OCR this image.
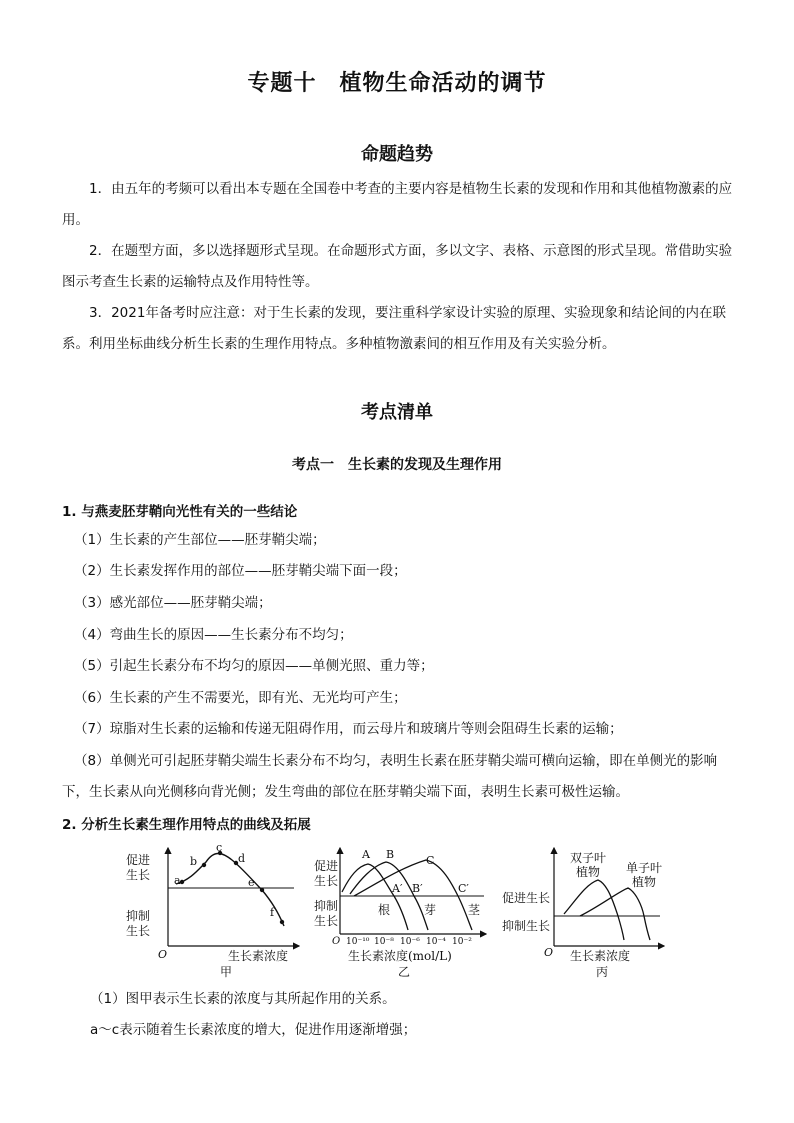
专题十　植物生命活动的调节
命题趋势
1．由五年的考频可以看出本专题在全国卷中考查的主要内容是植物生长素的发现和作用和其他植物激素的应用。
2．在题型方面，多以选择题形式呈现。在命题形式方面，多以文字、表格、示意图的形式呈现。常借助实验图示考查生长素的运输特点及作用特性等。
3．2021年备考时应注意：对于生长素的发现，要注重科学家设计实验的原理、实验现象和结论间的内在联系。利用坐标曲线分析生长素的生理作用特点。多种植物激素间的相互作用及有关实验分析。
考点清单
考点一　生长素的发现及生理作用
1. 与燕麦胚芽鞘向光性有关的一些结论
（1）生长素的产生部位——胚芽鞘尖端；
（2）生长素发挥作用的部位——胚芽鞘尖端下面一段；
（3）感光部位——胚芽鞘尖端；
（4）弯曲生长的原因——生长素分布不均匀；
（5）引起生长素分布不均匀的原因——单侧光照、重力等；
（6）生长素的产生不需要光，即有光、无光均可产生；
（7）琼脂对生长素的运输和传递无阻碍作用，而云母片和玻璃片等则会阻碍生长素的运输；
（8）单侧光可引起胚芽鞘尖端生长素分布不均匀，表明生长素在胚芽鞘尖端可横向运输，即在单侧光的影响下，生长素从向光侧移向背光侧；发生弯曲的部位在胚芽鞘尖端下面，表明生长素可极性运输。
2. 分析生长素生理作用特点的曲线及拓展
a
b
c
d
e
f
促进
生长
抑制
生长
O	生长素浓度
甲
A B	C
A′ B′	C′
根	芽	茎
促进
生长
抑制
生长
O 10⁻¹⁰ 10⁻⁸ 10⁻⁶ 10⁻⁴ 10⁻²
生长素浓度(mol/L)
乙
双子叶
植物 单子叶
植物
促进生长
抑制生长
O 生长素浓度
丙
（1）图甲表示生长素的浓度与其所起作用的关系。
a～c表示随着生长素浓度的增大，促进作用逐渐增强；
